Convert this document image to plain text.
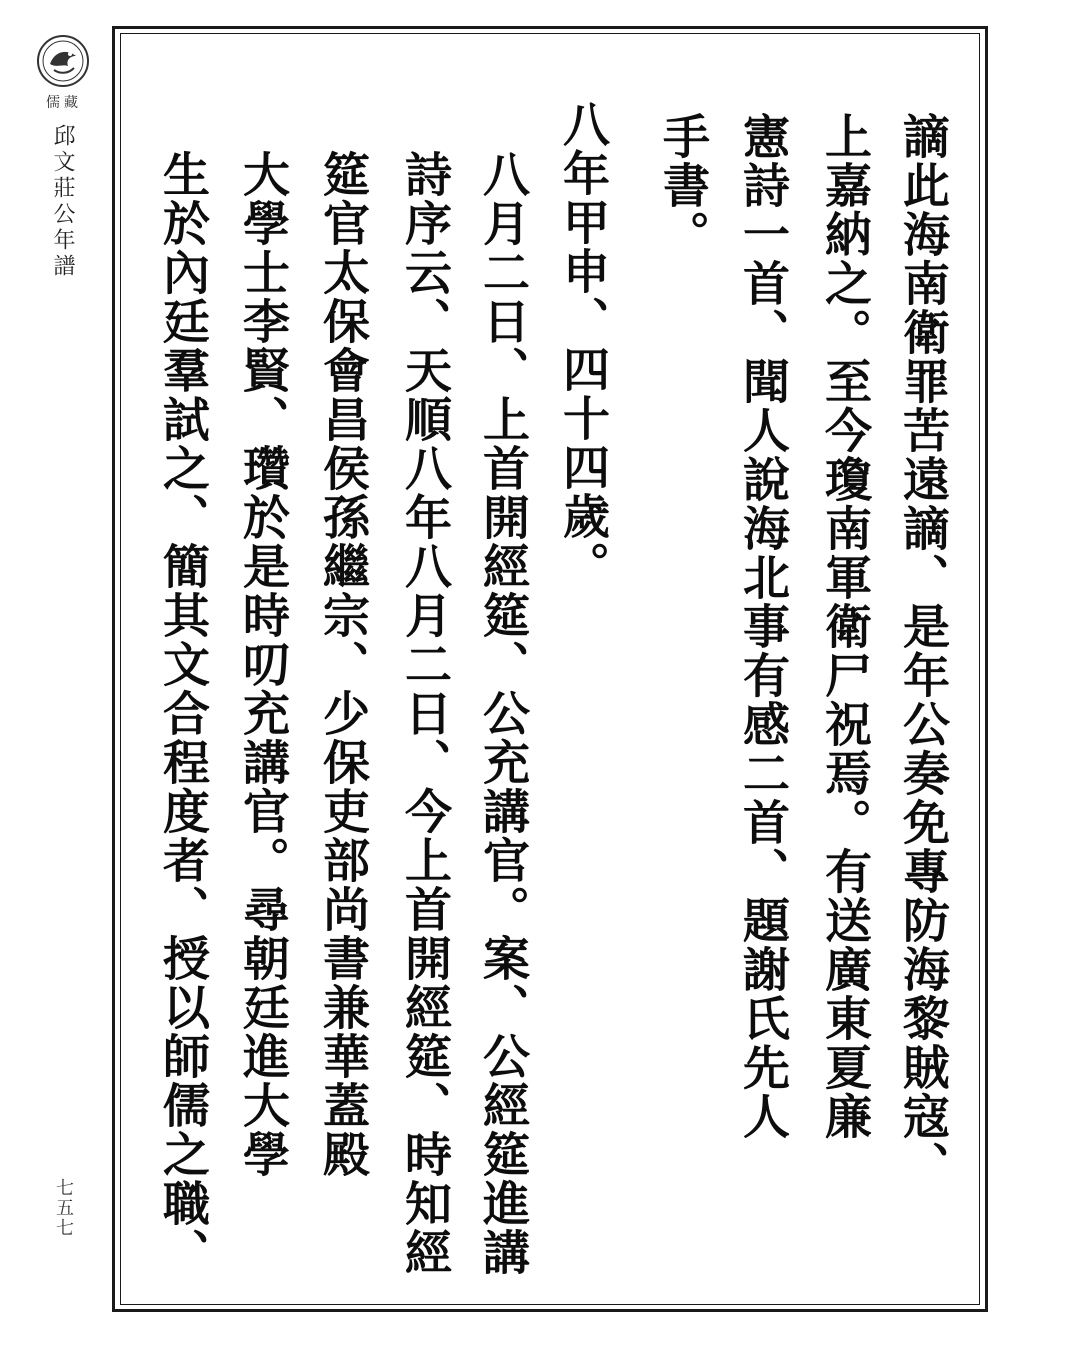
儒藏
邱文莊公年譜
七五七
謫此海南衛罪苦遠謫、是年公奏免專防海黎賊寇、
上嘉納之。至今瓊南軍衛尸祝焉。有送廣東夏廉
憲詩一首、聞人說海北事有感二首、題謝氏先人
手書。
八年甲申、四十四歲。
八月二日、上首開經筵、公充講官。案、公經筵進講
詩序云、天順八年八月二日、今上首開經筵、時知經
筵官太保會昌侯孫繼宗、少保吏部尚書兼華蓋殿
大學士李賢、瓚於是時叨充講官。尋朝廷進大學
生於內廷羣試之、簡其文合程度者、授以師儒之職、
